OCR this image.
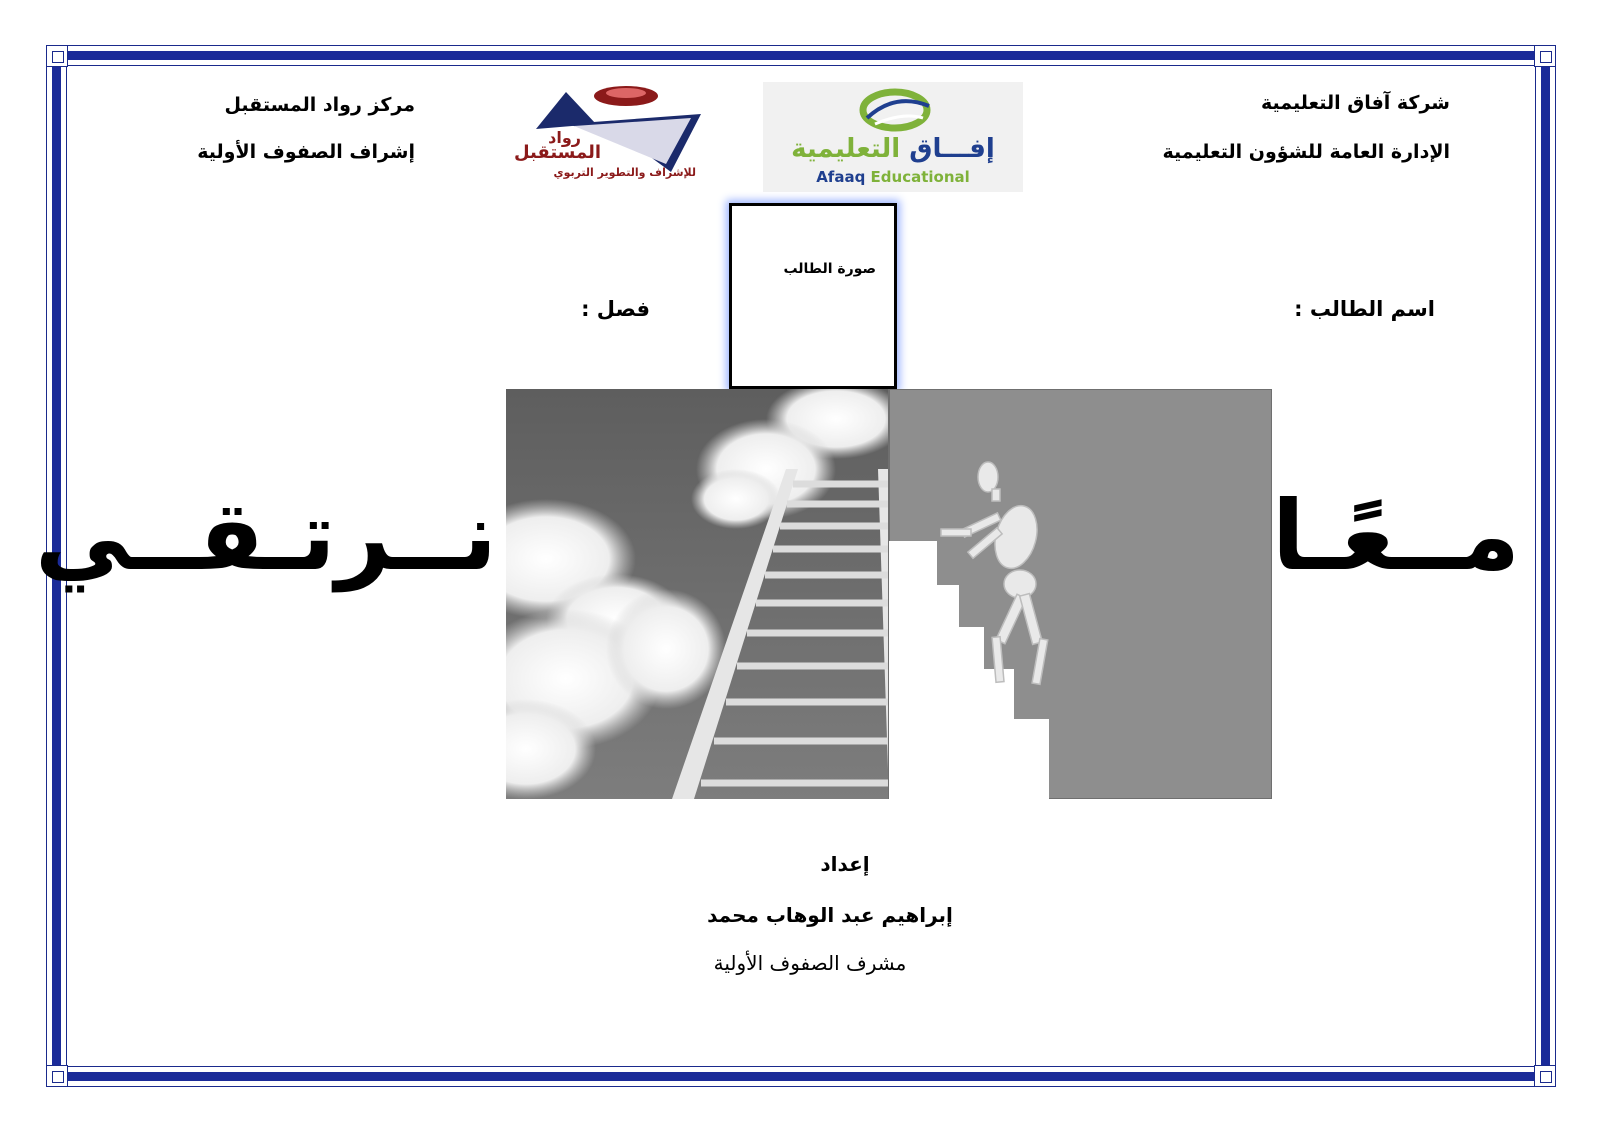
شركة آفاق التعليمية
الإدارة العامة للشؤون التعليمية
مركز رواد المستقبل
إشراف الصفوف الأولية	إفـــاق التعليمية
Afaaq Educational
رواد
المستقبل
للإشراف والتطوير التربوي
صورة الطالب
اسم الطالب :
فصل :
مــعًـا
نــرتـقــي
إعداد
إبراهيم عبد الوهاب محمد
مشرف الصفوف الأولية
